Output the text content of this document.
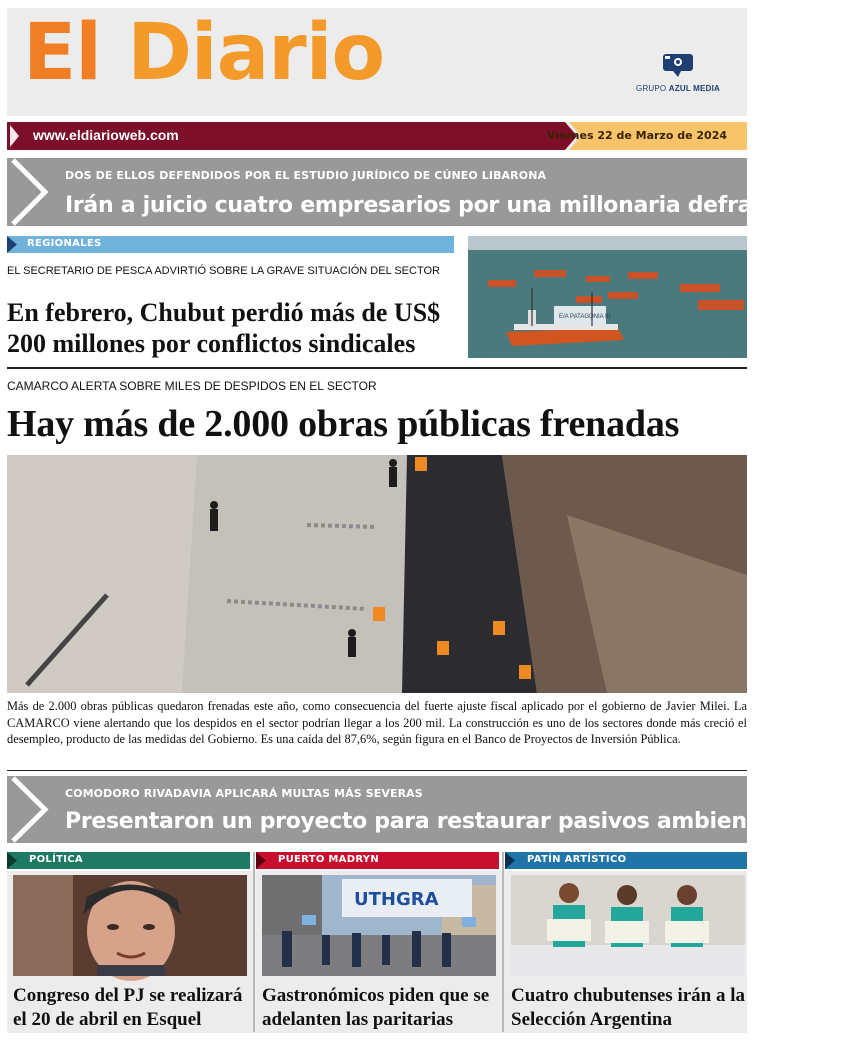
El Diario	GRUPO AZUL MEDIA
www.eldiarioweb.com	Viernes 22 de Marzo de 2024
DOS DE ELLOS DEFENDIDOS POR EL ESTUDIO JURÍDICO DE CÚNEO LIBARONA
Irán a juicio cuatro empresarios por una millonaria defraudación
REGIONALES
EL SECRETARIO DE PESCA ADVIRTIÓ SOBRE LA GRAVE SITUACIÓN DEL SECTOR
En febrero, Chubut perdió más de US$ 200 millones por conflictos sindicales
E/A PATAGONIA III
CAMARCO ALERTA SOBRE MILES DE DESPIDOS EN EL SECTOR
Hay más de 2.000 obras públicas frenadas
Más de 2.000 obras públicas quedaron frenadas este año, como consecuencia del fuerte ajuste fiscal aplicado por el gobierno de Javier Milei. La CAMARCO viene alertando que los despidos en el sector podrían llegar a los 200 mil. La construcción es uno de los sectores donde más creció el desempleo, producto de las medidas del Gobierno. Es una caída del 87,6%, según figura en el Banco de Proyectos de Inversión Pública.
COMODORO RIVADAVIA APLICARÁ MULTAS MÁS SEVERAS
Presentaron un proyecto para restaurar pasivos ambientales
POLÍTICA
Congreso del PJ se realizará el 20 de abril en Esquel
PUERTO MADRYN
UTHGRA
Gastronómicos piden que se adelanten las paritarias
PATÍN ARTÍSTICO
Cuatro chubutenses irán a la Selección Argentina
